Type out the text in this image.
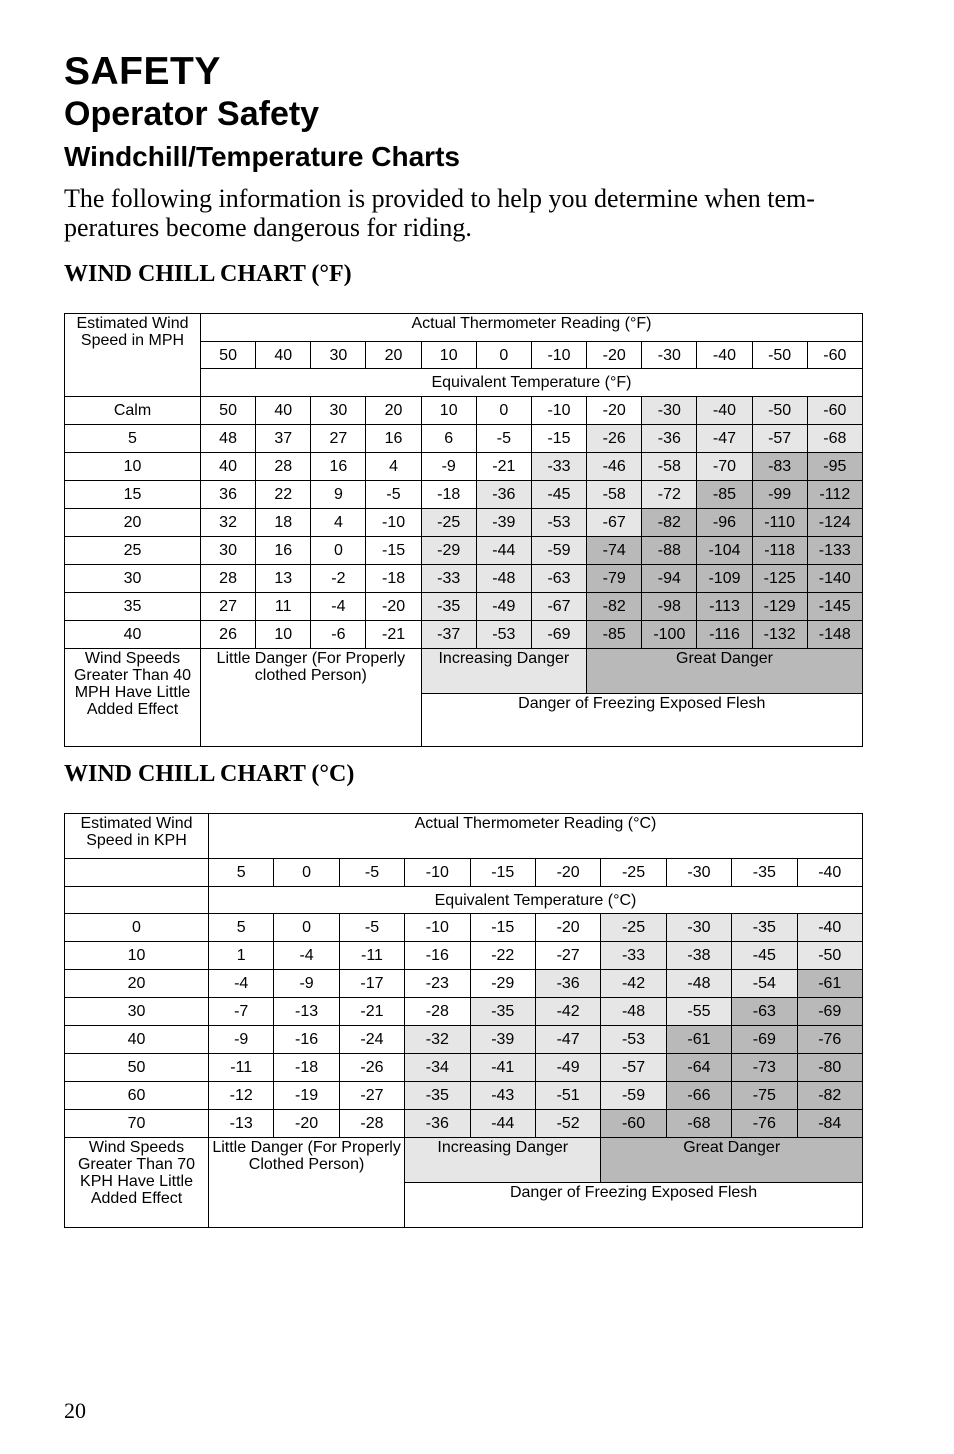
SAFETY
Operator Safety
Windchill/Temperature Charts
The following information is provided to help you determine when tem-
peratures become dangerous for riding.
WIND CHILL CHART (°F)
Estimated Wind Speed in MPH	Actual Thermometer Reading (°F)											
	50	40	30	20	10	0	-10	-20	-30	-40	-50	-60
	Equivalent Temperature (°F)											
Calm	50	40	30	20	10	0	-10	-20	-30	-40	-50	-60
5	48	37	27	16	6	-5	-15	-26	-36	-47	-57	-68
10	40	28	16	4	-9	-21	-33	-46	-58	-70	-83	-95
15	36	22	9	-5	-18	-36	-45	-58	-72	-85	-99	-112
20	32	18	4	-10	-25	-39	-53	-67	-82	-96	-110	-124
25	30	16	0	-15	-29	-44	-59	-74	-88	-104	-118	-133
30	28	13	-2	-18	-33	-48	-63	-79	-94	-109	-125	-140
35	27	11	-4	-20	-35	-49	-67	-82	-98	-113	-129	-145
40	26	10	-6	-21	-37	-53	-69	-85	-100	-116	-132	-148
Wind Speeds Greater Than 40 MPH Have Little Added Effect	Little Danger (For Properly clothed Person)				Increasing Danger			Great Danger				
					Danger of Freezing Exposed Flesh							
WIND CHILL CHART (°C)
Estimated Wind Speed in KPH	Actual Thermometer Reading (°C)									
	5	0	-5	-10	-15	-20	-25	-30	-35	-40
	Equivalent Temperature (°C)									
0	5	0	-5	-10	-15	-20	-25	-30	-35	-40
10	1	-4	-11	-16	-22	-27	-33	-38	-45	-50
20	-4	-9	-17	-23	-29	-36	-42	-48	-54	-61
30	-7	-13	-21	-28	-35	-42	-48	-55	-63	-69
40	-9	-16	-24	-32	-39	-47	-53	-61	-69	-76
50	-11	-18	-26	-34	-41	-49	-57	-64	-73	-80
60	-12	-19	-27	-35	-43	-51	-59	-66	-75	-82
70	-13	-20	-28	-36	-44	-52	-60	-68	-76	-84
Wind Speeds Greater Than 70 KPH Have Little Added Effect	Little Danger (For Properly Clothed Person)			Increasing Danger			Great Danger			
				Danger of Freezing Exposed Flesh						
20
